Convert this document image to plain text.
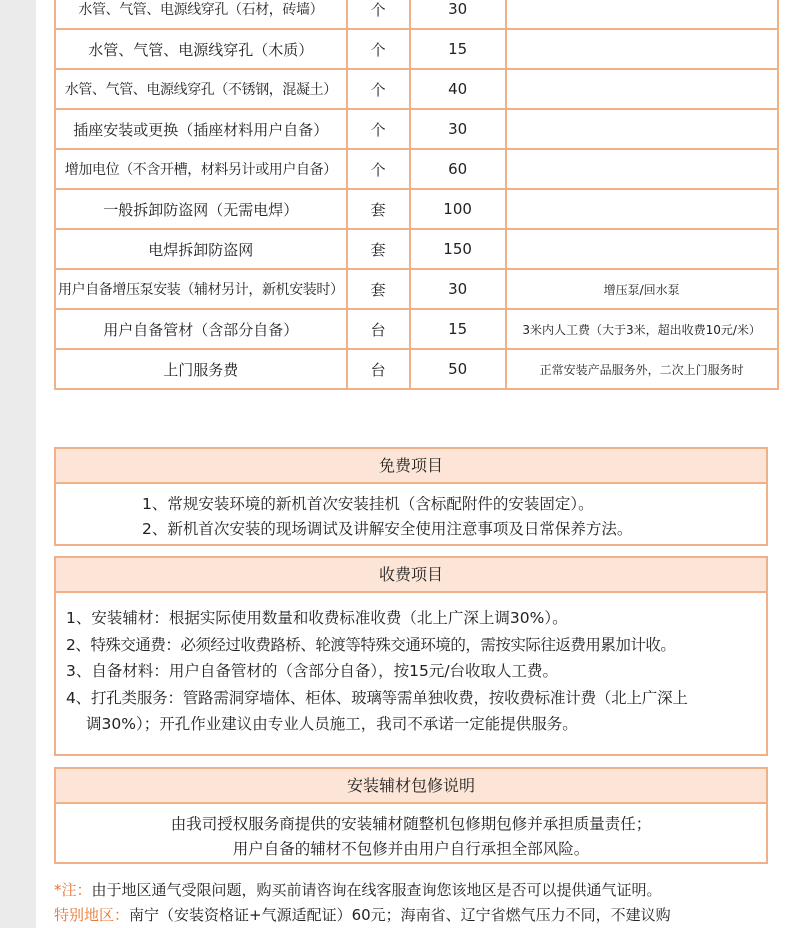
水管、气管、电源线穿孔（石材，砖墙）	个	30	
水管、气管、电源线穿孔（木质）	个	15	
水管、气管、电源线穿孔（不锈钢，混凝土）	个	40	
插座安装或更换（插座材料用户自备）	个	30	
增加电位（不含开槽，材料另计或用户自备）	个	60	
一般拆卸防盗网（无需电焊）	套	100	
电焊拆卸防盗网	套	150	
用户自备增压泵安装（辅材另计，新机安装时）	套	30	增压泵/回水泵
用户自备管材（含部分自备）	台	15	3米内人工费（大于3米，超出收费10元/米）
上门服务费	台	50	正常安装产品服务外，二次上门服务时
免费项目
1、常规安装环境的新机首次安装挂机（含标配附件的安装固定）。
2、新机首次安装的现场调试及讲解安全使用注意事项及日常保养方法。
收费项目
1、安装辅材：根据实际使用数量和收费标准收费（北上广深上调30%）。
2、特殊交通费：必须经过收费路桥、轮渡等特殊交通环境的，需按实际往返费用累加计收。
3、自备材料：用户自备管材的（含部分自备），按15元/台收取人工费。
4、打孔类服务：管路需洞穿墙体、柜体、玻璃等需单独收费，按收费标准计费（北上广深上
调30%）；开孔作业建议由专业人员施工，我司不承诺一定能提供服务。
安装辅材包修说明
由我司授权服务商提供的安装辅材随整机包修期包修并承担质量责任；
用户自备的辅材不包修并由用户自行承担全部风险。
*注：由于地区通气受限问题，购买前请咨询在线客服查询您该地区是否可以提供通气证明。
特别地区：南宁（安装资格证+气源适配证）60元；海南省、辽宁省燃气压力不同，不建议购
